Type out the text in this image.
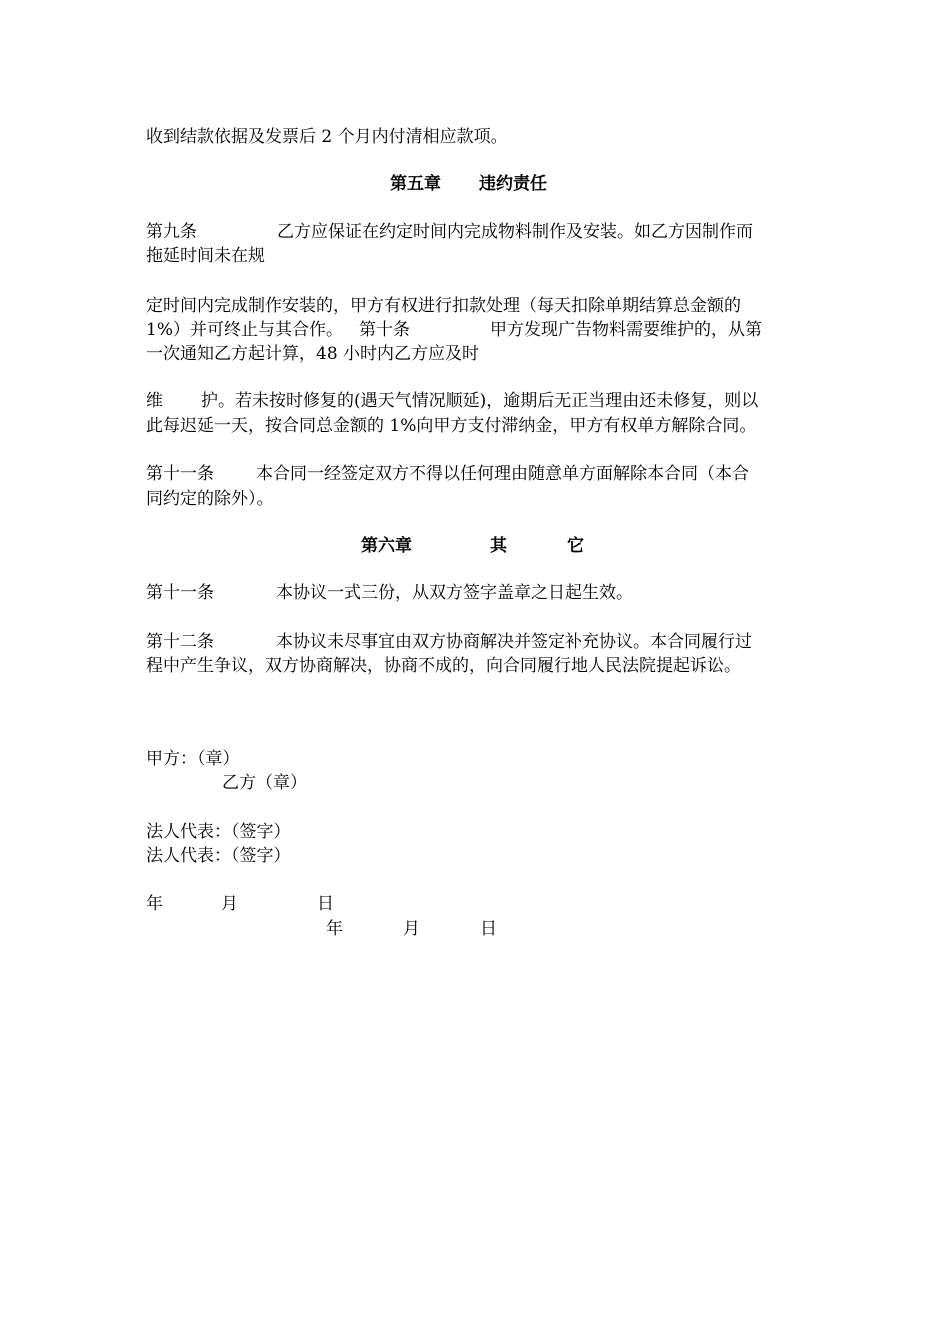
收到结款依据及发票后 2 个月内付清相应款项。
第五章 违约责任
第九条	乙方应保证在约定时间内完成物料制作及安装。如乙方因制作而
拖延时间未在规
定时间内完成制作安装的，甲方有权进行扣款处理（每天扣除单期结算总金额的
1%）并可终止与其合作。 第十条	甲方发现广告物料需要维护的，从第
一次通知乙方起计算，48 小时内乙方应及时
维 护。若未按时修复的(遇天气情况顺延)，逾期后无正当理由还未修复，则以
此每迟延一天，按合同总金额的 1%向甲方支付滞纳金，甲方有权单方解除合同。
第十一条 本合同一经签定双方不得以任何理由随意单方面解除本合同（本合
同约定的除外）。
第六章	其	它
第十一条	本协议一式三份，从双方签字盖章之日起生效。
第十二条	本协议未尽事宜由双方协商解决并签定补充协议。本合同履行过
程中产生争议，双方协商解决，协商不成的，向合同履行地人民法院提起诉讼。
甲方：（章）
乙方（章）
法人代表：（签字）
法人代表：（签字）
年	月	日
年	月	日
